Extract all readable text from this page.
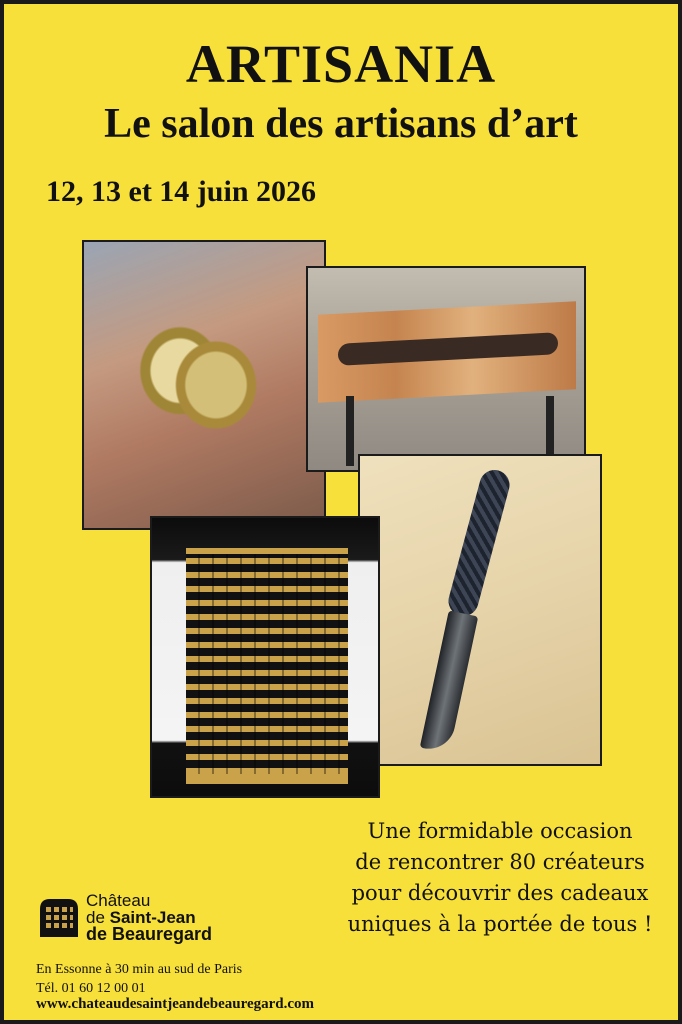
ARTISANIA
Le salon des artisans d’art
12, 13 et 14 juin 2026
Une formidable occasion
de rencontrer 80 créateurs
pour découvrir des cadeaux
uniques à la portée de tous !
Château
de Saint-Jean
de Beauregard
En Essonne à 30 min au sud de Paris
Tél. 01 60 12 00 01
www.chateaudesaintjeandebeauregard.com
